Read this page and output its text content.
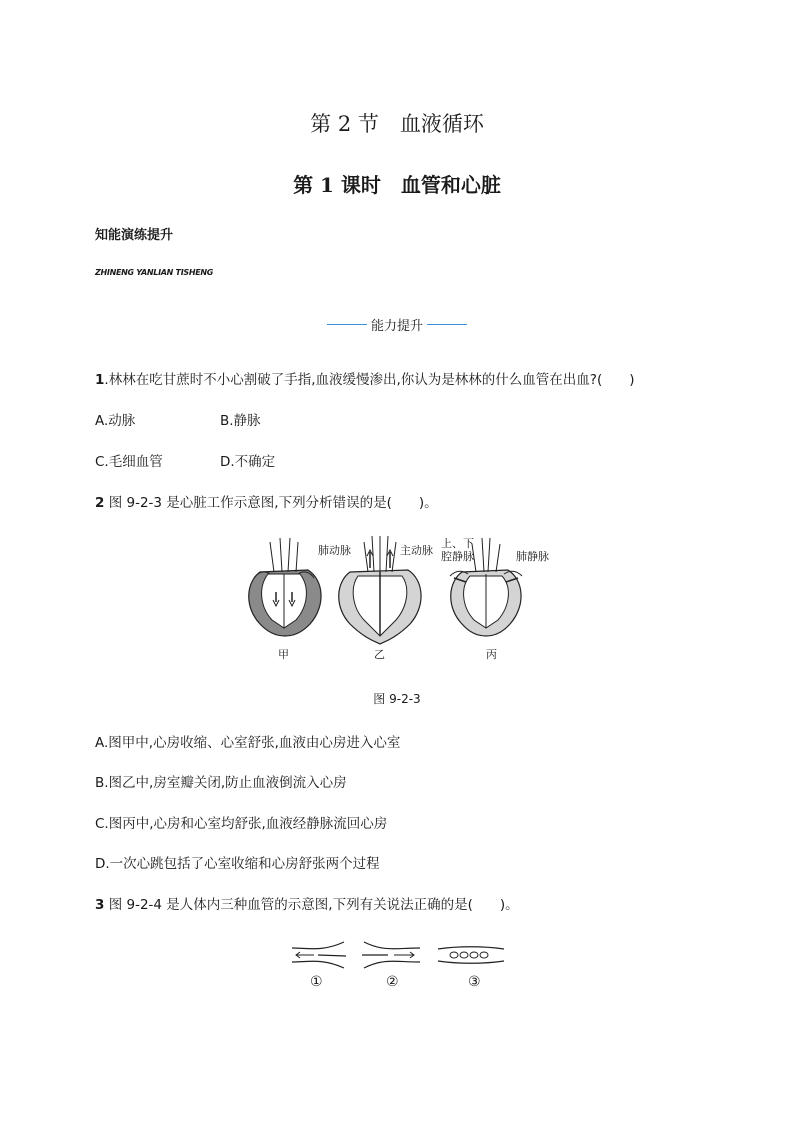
第 2 节　血液循环
第 1 课时　血管和心脏
知能演练提升
ZHINENG YANLIAN TISHENG
能力提升
1.林林在吃甘蔗时不小心割破了手指,血液缓慢渗出,你认为是林林的什么血管在出血?(　　)
A.动脉	B.静脉
C.毛细血管	D.不确定
2 图 9-2-3 是心脏工作示意图,下列分析错误的是(　　)。
肺动脉	主动脉
上、下
腔静脉	肺静脉
甲	乙	丙
图 9-2-3
A.图甲中,心房收缩、心室舒张,血液由心房进入心室
B.图乙中,房室瓣关闭,防止血液倒流入心房
C.图丙中,心房和心室均舒张,血液经静脉流回心房
D.一次心跳包括了心室收缩和心房舒张两个过程
3 图 9-2-4 是人体内三种血管的示意图,下列有关说法正确的是(　　)。
①	②	③
